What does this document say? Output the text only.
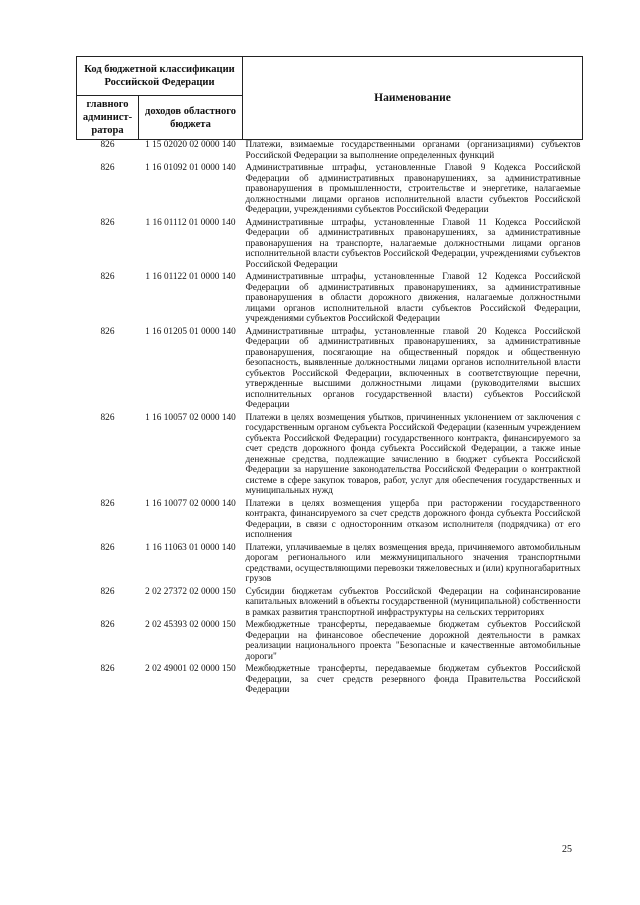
Код бюджетной классификации Российской Федерации		Наименование
главного админист-ратора	доходов областного бюджета	
826	1 15 02020 02 0000 140	Платежи, взимаемые государственными органами (организациями) субъектов Российской Федерации за выполнение определенных функций
826	1 16 01092 01 0000 140	Административные штрафы, установленные Главой 9 Кодекса Российской Федерации об административных правонарушениях, за административные правонарушения в промышленности, строительстве и энергетике, налагаемые должностными лицами органов исполнительной власти субъектов Российской Федерации, учреждениями субъектов Российской Федерации
826	1 16 01112 01 0000 140	Административные штрафы, установленные Главой 11 Кодекса Российской Федерации об административных правонарушениях, за административные правонарушения на транспорте, налагаемые должностными лицами органов исполнительной власти субъектов Российской Федерации, учреждениями субъектов Российской Федерации
826	1 16 01122 01 0000 140	Административные штрафы, установленные Главой 12 Кодекса Российской Федерации об административных правонарушениях, за административные правонарушения в области дорожного движения, налагаемые должностными лицами органов исполнительной власти субъектов Российской Федерации, учреждениями субъектов Российской Федерации
826	1 16 01205 01 0000 140	Административные штрафы, установленные главой 20 Кодекса Российской Федерации об административных правонарушениях, за административные правонарушения, посягающие на общественный порядок и общественную безопасность, выявленные должностными лицами органов исполнительной власти субъектов Российской Федерации, включенных в соответствующие перечни, утвержденные высшими должностными лицами (руководителями высших исполнительных органов государственной власти) субъектов Российской Федерации
826	1 16 10057 02 0000 140	Платежи в целях возмещения убытков, причиненных уклонением от заключения с государственным органом субъекта Российской Федерации (казенным учреждением субъекта Российской Федерации) государственного контракта, финансируемого за счет средств дорожного фонда субъекта Российской Федерации, а также иные денежные средства, подлежащие зачислению в бюджет субъекта Российской Федерации за нарушение законодательства Российской Федерации о контрактной системе в сфере закупок товаров, работ, услуг для обеспечения государственных и муниципальных нужд
826	1 16 10077 02 0000 140	Платежи в целях возмещения ущерба при расторжении государственного контракта, финансируемого за счет средств дорожного фонда субъекта Российской Федерации, в связи с односторонним отказом исполнителя (подрядчика) от его исполнения
826	1 16 11063 01 0000 140	Платежи, уплачиваемые в целях возмещения вреда, причиняемого автомобильным дорогам регионального или межмуниципального значения транспортными средствами, осуществляющими перевозки тяжеловесных и (или) крупногабаритных грузов
826	2 02 27372 02 0000 150	Субсидии бюджетам субъектов Российской Федерации на софинансирование капитальных вложений в объекты государственной (муниципальной) собственности в рамках развития транспортной инфраструктуры на сельских территориях
826	2 02 45393 02 0000 150	Межбюджетные трансферты, передаваемые бюджетам субъектов Российской Федерации на финансовое обеспечение дорожной деятельности в рамках реализации национального проекта "Безопасные и качественные автомобильные дороги"
826	2 02 49001 02 0000 150	Межбюджетные трансферты, передаваемые бюджетам субъектов Российской Федерации, за счет средств резервного фонда Правительства Российской Федерации
25
